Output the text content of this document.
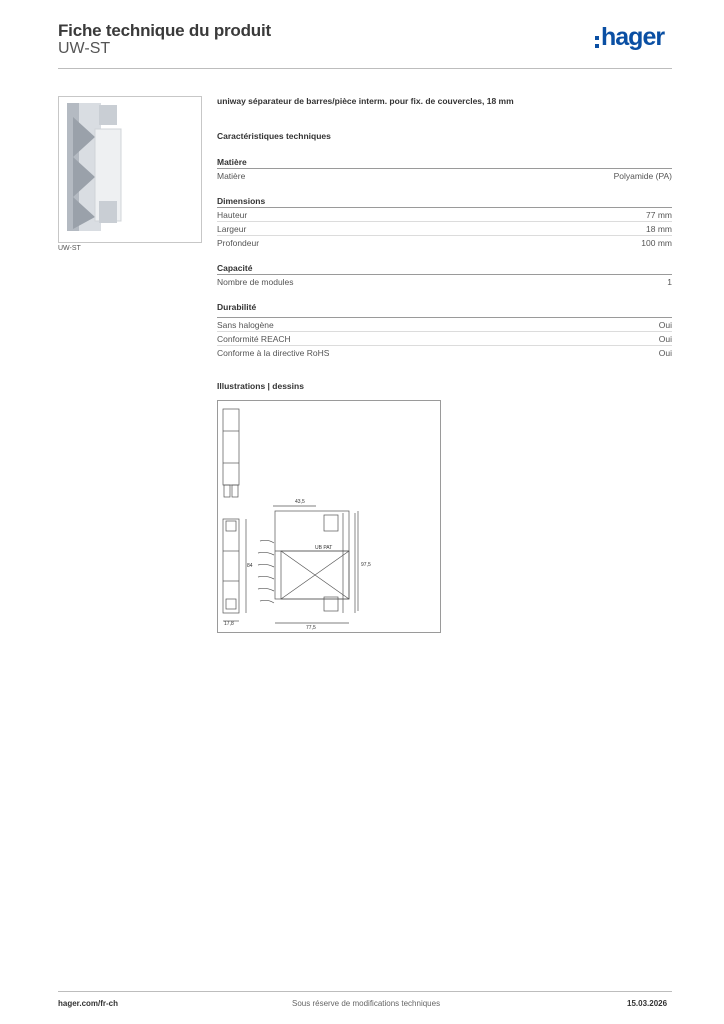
Fiche technique du produit
UW-ST	hager
UW-ST
uniway séparateur de barres/pièce interm. pour fix. de couvercles, 18 mm
Caractéristiques techniques
Matière
Matière	Polyamide (PA)
Dimensions
Hauteur	77 mm
Largeur	18 mm
Profondeur	100 mm
Capacité
Nombre de modules	1
Durabilité
Sans halogène	Oui
Conformité REACH	Oui
Conforme à la directive RoHS	Oui
Illustrations | dessins
43,5
97,5
84
17,8
77,5
UB PAT
hager.com/fr-ch	Sous réserve de modifications techniques	15.03.2026
